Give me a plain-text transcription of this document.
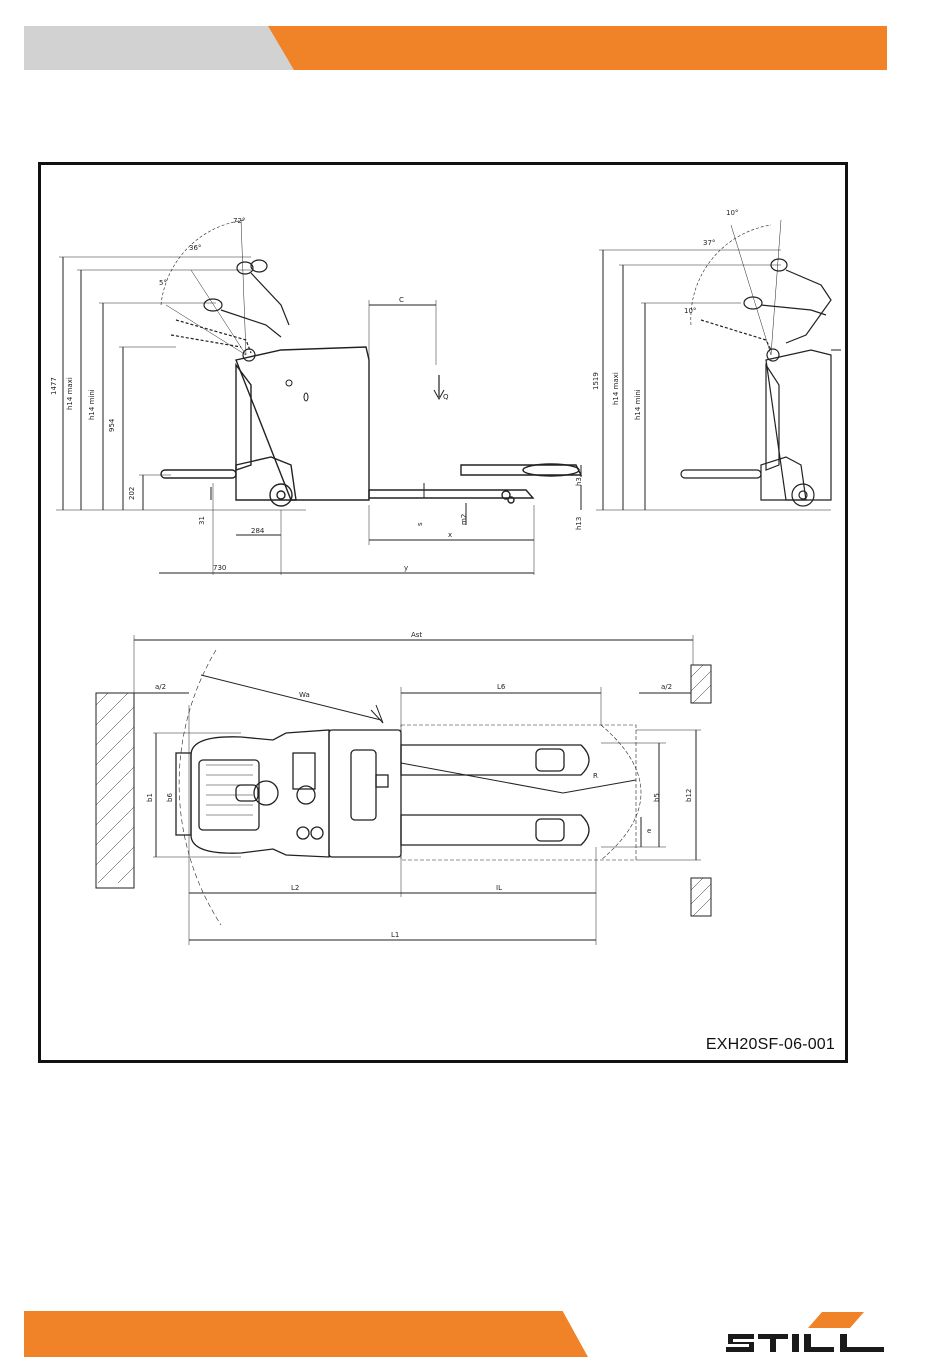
1477 h14 maxi h14 mini
954
202
31
284
730	y
x
C
Q
s	m2
h3
h13
36°
72°
5°
1519 h14 maxi h14 mini
37°
10°
10°
Ast
a/2	a/2
Wa
L6
b1 b6	b5	b12
e
R
L2	IL
L1
EXH20SF-06-001
